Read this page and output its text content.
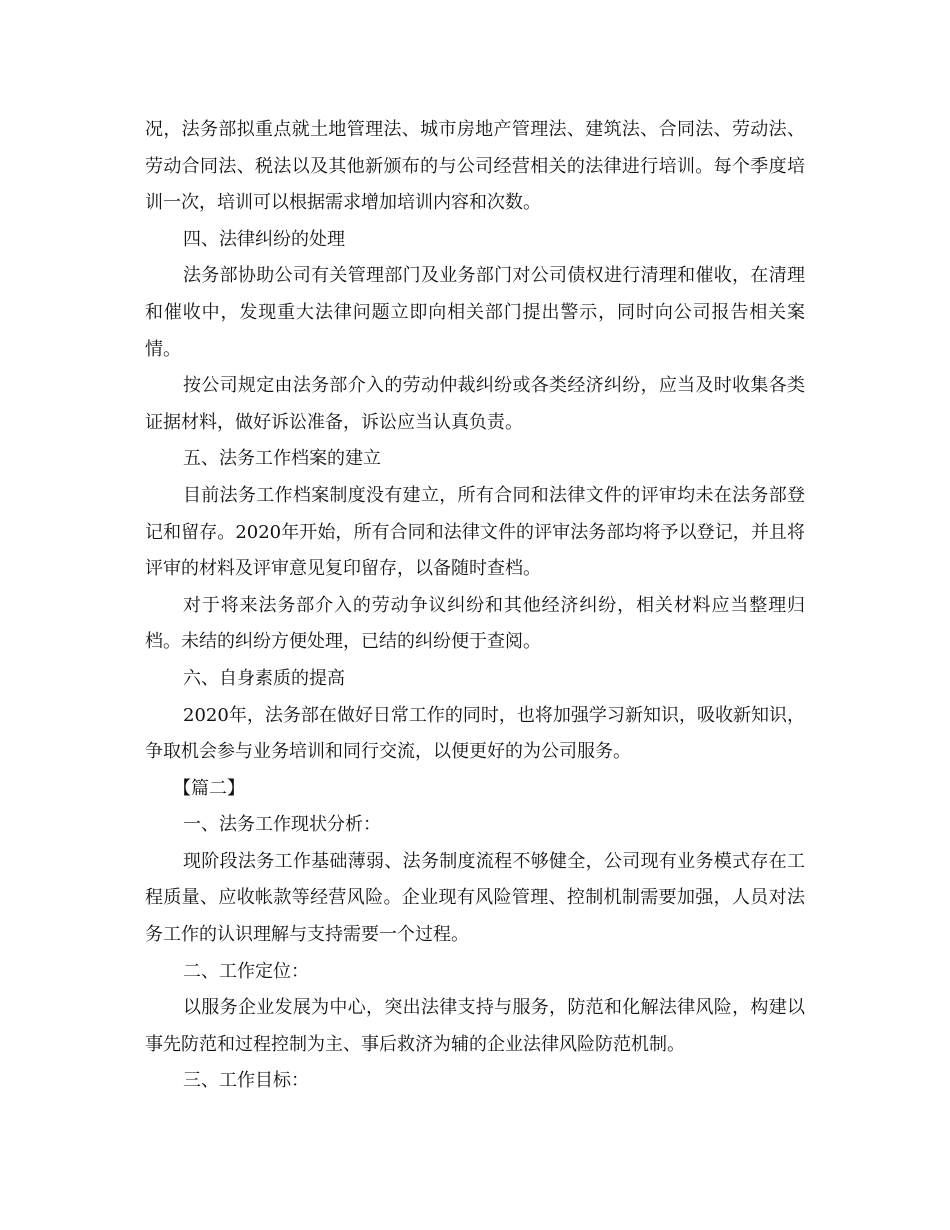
况，法务部拟重点就土地管理法、城市房地产管理法、建筑法、合同法、劳动法、劳动合同法、税法以及其他新颁布的与公司经营相关的法律进行培训。每个季度培训一次，培训可以根据需求增加培训内容和次数。

四、法律纠纷的处理

法务部协助公司有关管理部门及业务部门对公司债权进行清理和催收，在清理和催收中，发现重大法律问题立即向相关部门提出警示，同时向公司报告相关案情。

按公司规定由法务部介入的劳动仲裁纠纷或各类经济纠纷，应当及时收集各类证据材料，做好诉讼准备，诉讼应当认真负责。

五、法务工作档案的建立

目前法务工作档案制度没有建立，所有合同和法律文件的评审均未在法务部登记和留存。2020年开始，所有合同和法律文件的评审法务部均将予以登记，并且将评审的材料及评审意见复印留存，以备随时查档。

对于将来法务部介入的劳动争议纠纷和其他经济纠纷，相关材料应当整理归档。未结的纠纷方便处理，已结的纠纷便于查阅。

六、自身素质的提高

2020年，法务部在做好日常工作的同时，也将加强学习新知识，吸收新知识，争取机会参与业务培训和同行交流，以便更好的为公司服务。

【篇二】

一、法务工作现状分析：

现阶段法务工作基础薄弱、法务制度流程不够健全，公司现有业务模式存在工程质量、应收帐款等经营风险。企业现有风险管理、控制机制需要加强，人员对法务工作的认识理解与支持需要一个过程。

二、工作定位：

以服务企业发展为中心，突出法律支持与服务，防范和化解法律风险，构建以事先防范和过程控制为主、事后救济为辅的企业法律风险防范机制。

三、工作目标：
